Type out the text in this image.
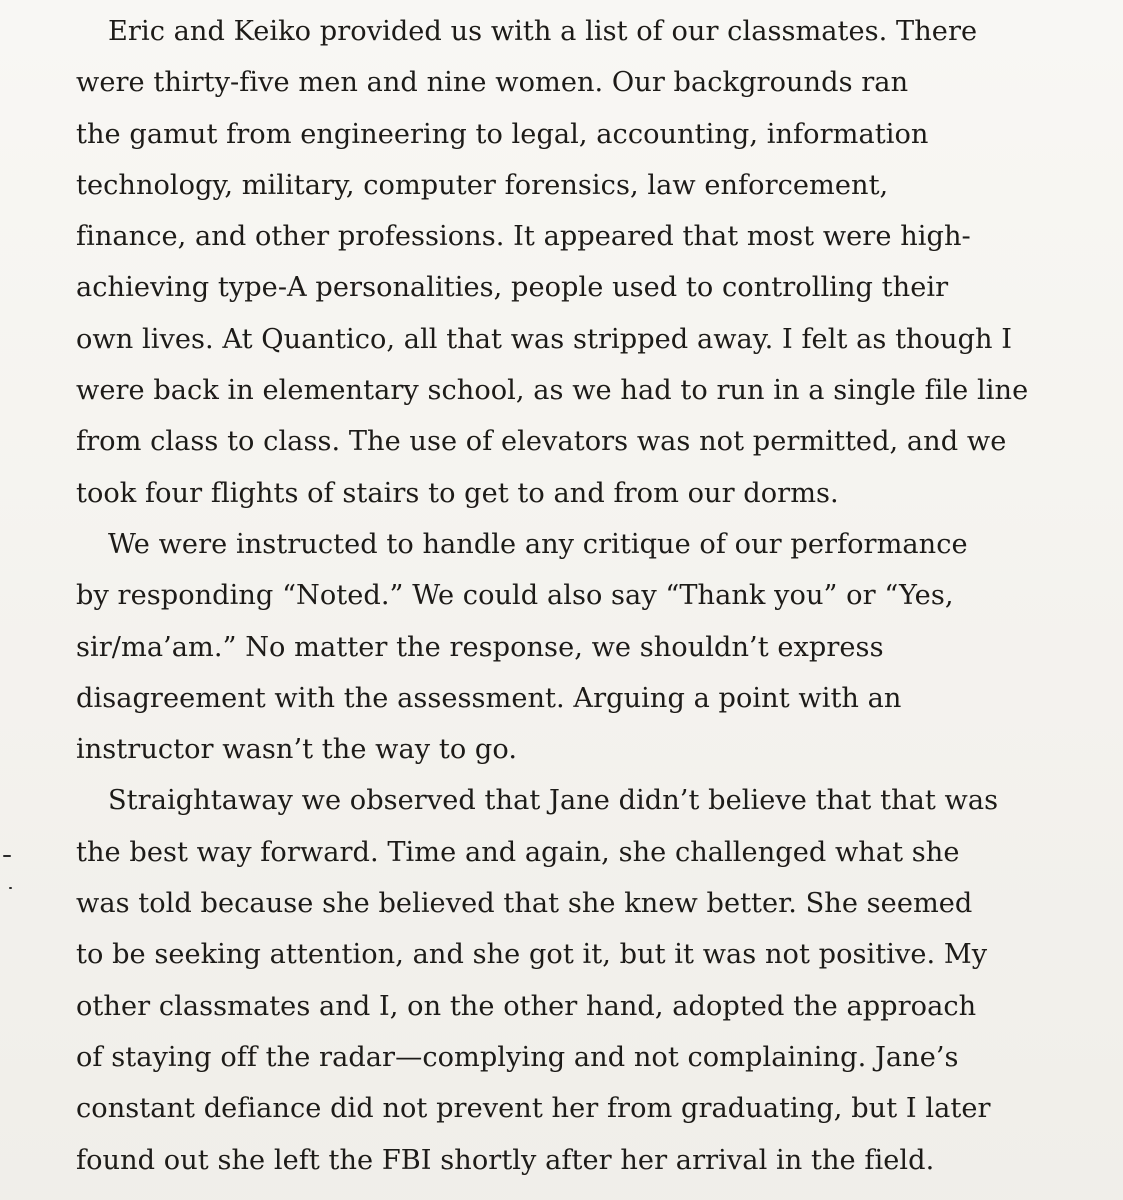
Eric and Keiko provided us with a list of our classmates. There
were thirty-five men and nine women. Our backgrounds ran
the gamut from engineering to legal, accounting, information
technology, military, computer forensics, law enforcement,
finance, and other professions. It appeared that most were high-
achieving type-A personalities, people used to controlling their
own lives. At Quantico, all that was stripped away. I felt as though I
were back in elementary school, as we had to run in a single file line
from class to class. The use of elevators was not permitted, and we
took four flights of stairs to get to and from our dorms.
We were instructed to handle any critique of our performance
by responding “Noted.” We could also say “Thank you” or “Yes,
sir/ma’am.” No matter the response, we shouldn’t express
disagreement with the assessment. Arguing a point with an
instructor wasn’t the way to go.
Straightaway we observed that Jane didn’t believe that that was
the best way forward. Time and again, she challenged what she
was told because she believed that she knew better. She seemed
to be seeking attention, and she got it, but it was not positive. My
other classmates and I, on the other hand, adopted the approach
of staying off the radar—complying and not complaining. Jane’s
constant defiance did not prevent her from graduating, but I later
found out she left the FBI shortly after her arrival in the field.
